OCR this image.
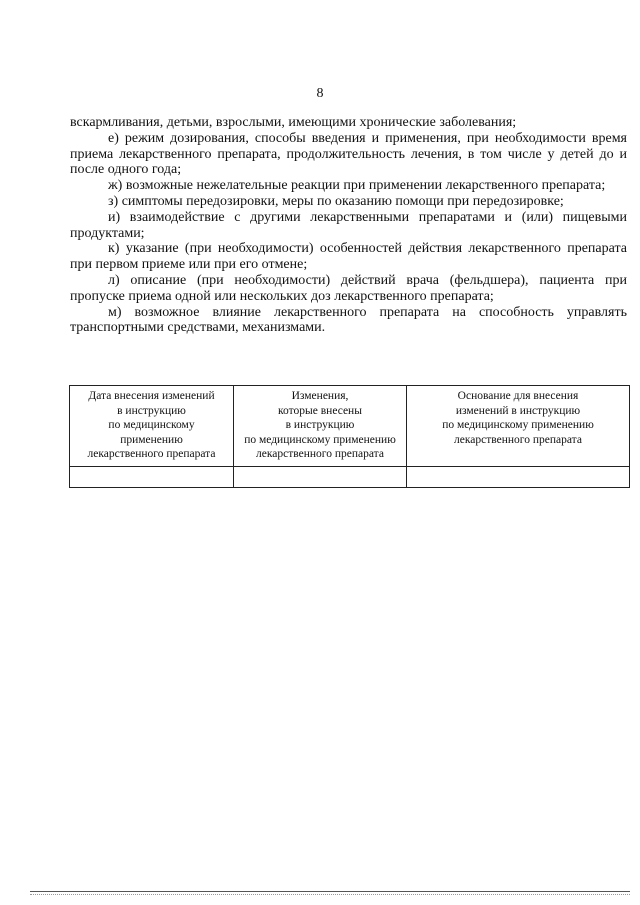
8

вскармливания, детьми, взрослыми, имеющими хронические заболевания;

е) режим дозирования, способы введения и применения, при необходимости время приема лекарственного препарата, продолжительность лечения, в том числе у детей до и после одного года;

ж) возможные нежелательные реакции при применении лекарственного препарата;

з) симптомы передозировки, меры по оказанию помощи при передозировке;

и) взаимодействие с другими лекарственными препаратами и (или) пищевыми продуктами;

к) указание (при необходимости) особенностей действия лекарственного препарата при первом приеме или при его отмене;

л) описание (при необходимости) действий врача (фельдшера), пациента при пропуске приема одной или нескольких доз лекарственного препарата;

м) возможное влияние лекарственного препарата на способность управлять транспортными средствами, механизмами.

Дата внесения изменений
в инструкцию
по медицинскому
применению
лекарственного препарата	Изменения,
которые внесены
в инструкцию
по медицинскому применению
лекарственного препарата	Основание для внесения
изменений в инструкцию
по медицинскому применению
лекарственного препарата
